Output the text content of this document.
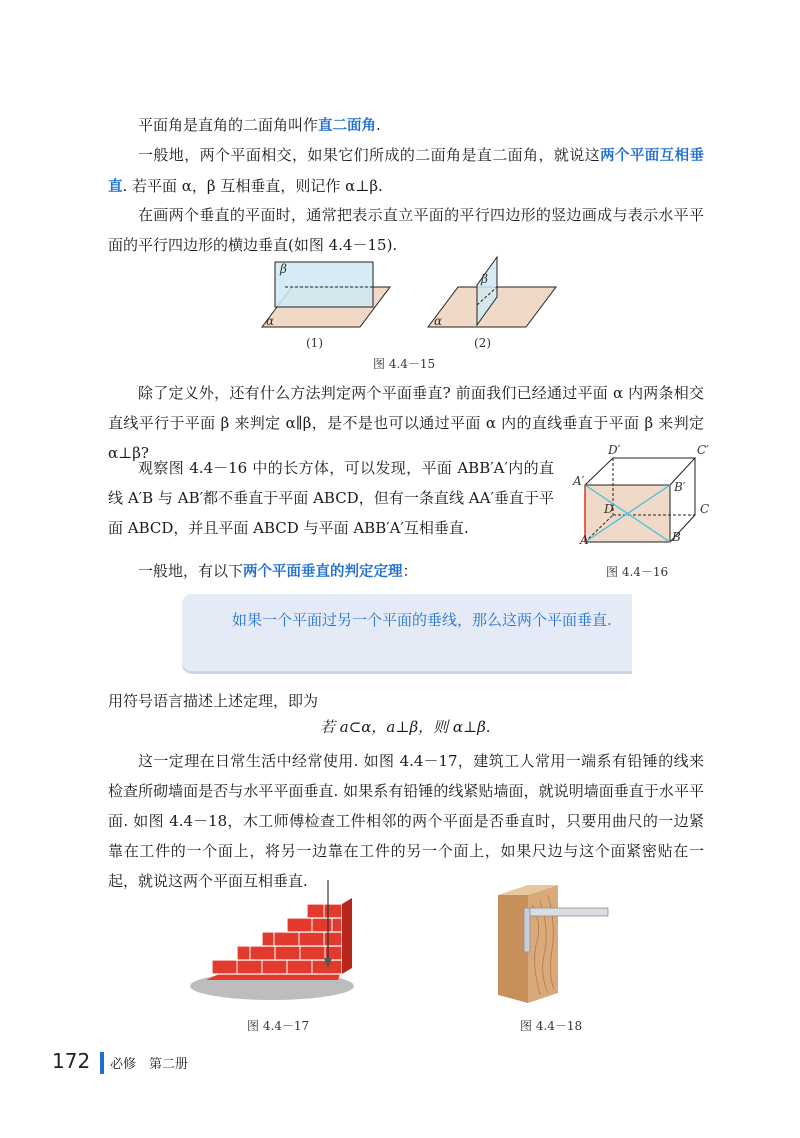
平面角是直角的二面角叫作直二面角.

一般地，两个平面相交，如果它们所成的二面角是直二面角，就说这两个平面互相垂直. 若平面 α，β 互相垂直，则记作 α⊥β.

在画两个垂直的平面时，通常把表示直立平面的平行四边形的竖边画成与表示水平平面的平行四边形的横边垂直(如图 4.4－15).

α
β
α
β
(1)	(2)
图 4.4－15

除了定义外，还有什么方法判定两个平面垂直? 前面我们已经通过平面 α 内两条相交直线平行于平面 β 来判定 α∥β，是不是也可以通过平面 α 内的直线垂直于平面 β 来判定 α⊥β?

观察图 4.4－16 中的长方体，可以发现，平面 ABB′A′内的直线 A′B 与 AB′都不垂直于平面 ABCD，但有一条直线 AA′垂直于平面 ABCD，并且平面 ABCD 与平面 ABB′A′互相垂直.

D′	C′
A′	B′
D	C
A	B
图 4.4－16

一般地，有以下两个平面垂直的判定定理：

如果一个平面过另一个平面的垂线，那么这两个平面垂直.

用符号语言描述上述定理，即为

若 a⊂α，a⊥β，则 α⊥β.

这一定理在日常生活中经常使用. 如图 4.4－17，建筑工人常用一端系有铅锤的线来检查所砌墙面是否与水平平面垂直. 如果系有铅锤的线紧贴墙面，就说明墙面垂直于水平平面. 如图 4.4－18，木工师傅检查工件相邻的两个平面是否垂直时，只要用曲尺的一边紧靠在工件的一个面上，将另一边靠在工件的另一个面上，如果尺边与这个面紧密贴在一起，就说这两个平面互相垂直.

图 4.4－17	图 4.4－18
172 必修　第二册
